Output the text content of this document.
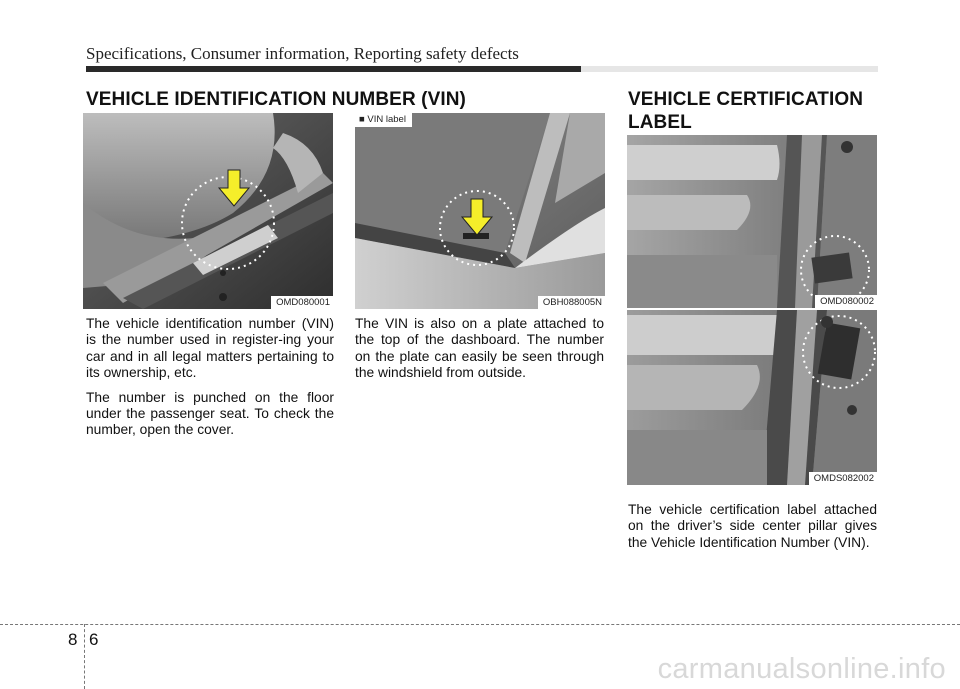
Specifications, Consumer information, Reporting safety defects
VEHICLE IDENTIFICATION NUMBER (VIN)
OMD080001
■ VIN label
OBH088005N

The vehicle identification number (VIN) is the number used in register-ing your car and in all legal matters pertaining to its ownership, etc.

The number is punched on the floor under the passenger seat. To check the number, open the cover.

The VIN is also on a plate attached to the top of the dashboard. The number on the plate can easily be seen through the windshield from outside.

VEHICLE CERTIFICATION
LABEL
OMD080002
OMDS082002

The vehicle certification label attached on the driver’s side center pillar gives the Vehicle Identification Number (VIN).

8 6
carmanualsonline.info
